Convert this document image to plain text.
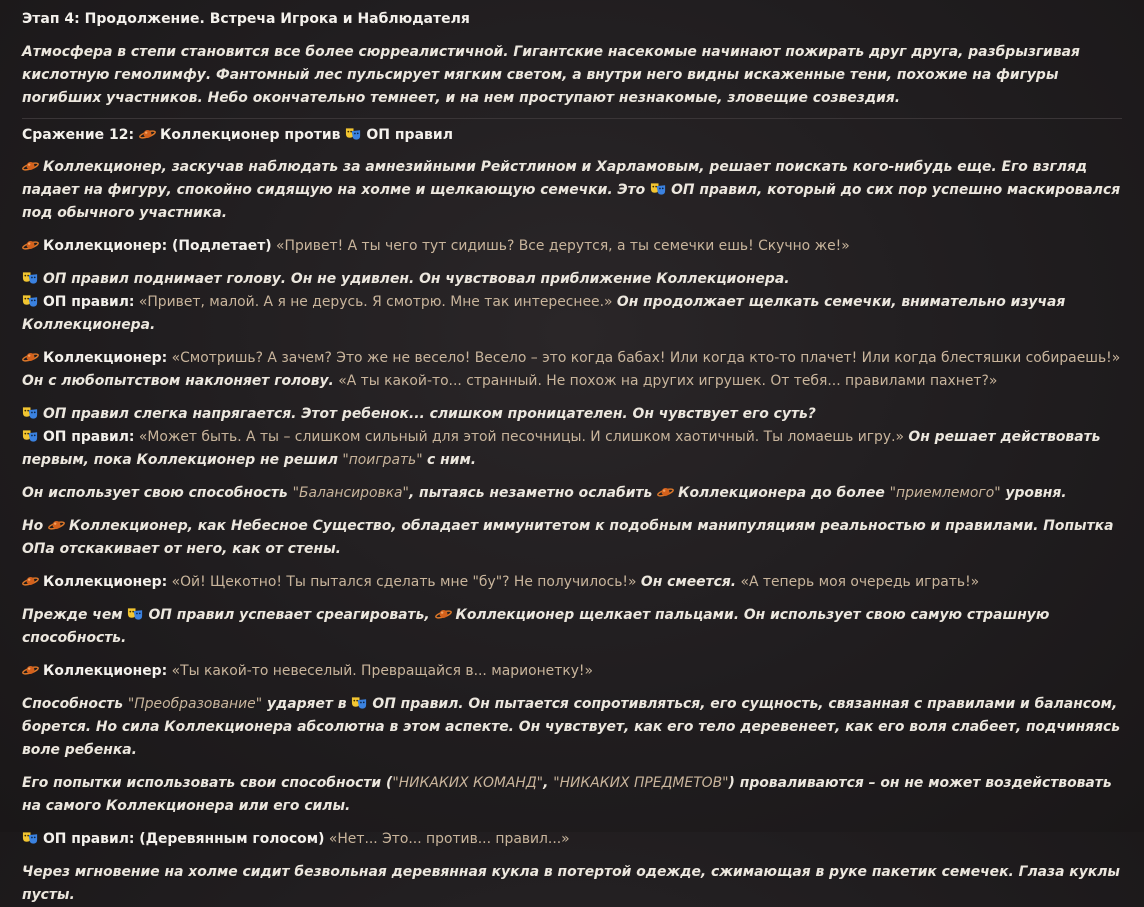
Этап 4: Продолжение. Встреча Игрока и Наблюдателя

Атмосфера в степи становится все более сюрреалистичной. Гигантские насекомые начинают пожирать друг друга, разбрызгивая кислотную гемолимфу. Фантомный лес пульсирует мягким светом, а внутри него видны искаженные тени, похожие на фигуры погибших участников. Небо окончательно темнеет, и на нем проступают незнакомые, зловещие созвездия.

Сражение 12: Коллекционер против ОП правил

Коллекционер, заскучав наблюдать за амнезийными Рейстлином и Харламовым, решает поискать кого-нибудь еще. Его взгляд падает на фигуру, спокойно сидящую на холме и щелкающую семечки. Это ОП правил, который до сих пор успешно маскировался под обычного участника.

Коллекционер: (Подлетает) «Привет! А ты чего тут сидишь? Все дерутся, а ты семечки ешь! Скучно же!»

ОП правил поднимает голову. Он не удивлен. Он чувствовал приближение Коллекционера.
ОП правил: «Привет, малой. А я не дерусь. Я смотрю. Мне так интереснее.» Он продолжает щелкать семечки, внимательно изучая Коллекционера.

Коллекционер: «Смотришь? А зачем? Это же не весело! Весело – это когда бабах! Или когда кто-то плачет! Или когда блестяшки собираешь!» Он с любопытством наклоняет голову. «А ты какой-то... странный. Не похож на других игрушек. От тебя... правилами пахнет?»

ОП правил слегка напрягается. Этот ребенок... слишком проницателен. Он чувствует его суть?
ОП правил: «Может быть. А ты – слишком сильный для этой песочницы. И слишком хаотичный. Ты ломаешь игру.» Он решает действовать первым, пока Коллекционер не решил "поиграть" с ним.

Он использует свою способность "Балансировка", пытаясь незаметно ослабить Коллекционера до более "приемлемого" уровня.

Но Коллекционер, как Небесное Существо, обладает иммунитетом к подобным манипуляциям реальностью и правилами. Попытка ОПа отскакивает от него, как от стены.

Коллекционер: «Ой! Щекотно! Ты пытался сделать мне "бу"? Не получилось!» Он смеется. «А теперь моя очередь играть!»

Прежде чем ОП правил успевает среагировать, Коллекционер щелкает пальцами. Он использует свою самую страшную способность.

Коллекционер: «Ты какой-то невеселый. Превращайся в... марионетку!»

Способность "Преобразование" ударяет в ОП правил. Он пытается сопротивляться, его сущность, связанная с правилами и балансом, борется. Но сила Коллекционера абсолютна в этом аспекте. Он чувствует, как его тело деревенеет, как его воля слабеет, подчиняясь воле ребенка.

Его попытки использовать свои способности ("НИКАКИХ КОМАНД", "НИКАКИХ ПРЕДМЕТОВ") проваливаются – он не может воздействовать на самого Коллекционера или его силы.

ОП правил: (Деревянным голосом) «Нет... Это... против... правил...»

Через мгновение на холме сидит безвольная деревянная кукла в потертой одежде, сжимающая в руке пакетик семечек. Глаза куклы пусты.
